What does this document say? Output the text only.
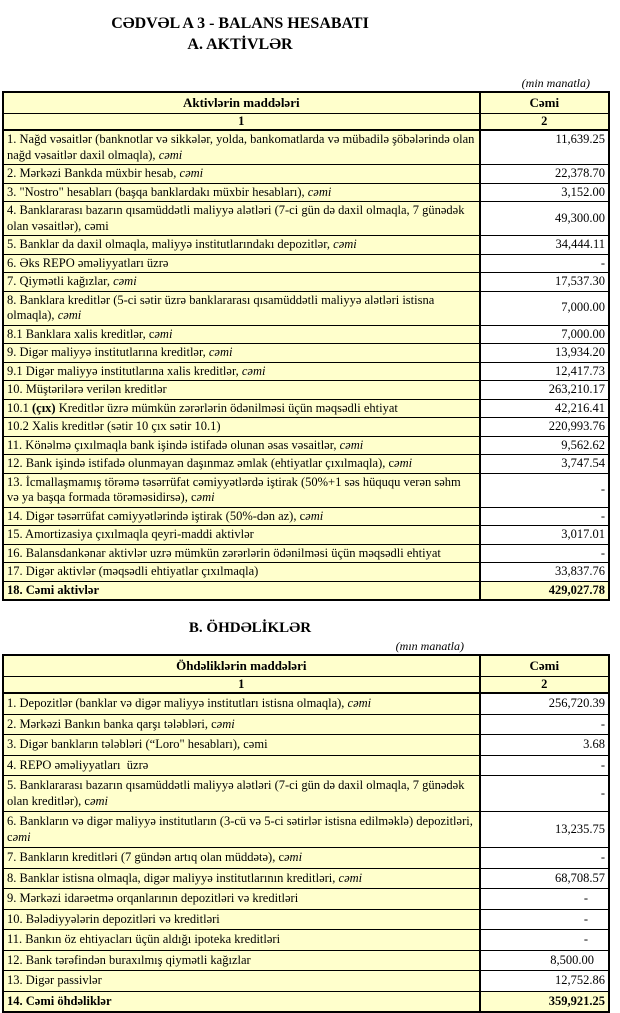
CƏDVƏL A 3 - BALANS HESABATI
A. AKTİVLƏR
(min manatla)
Aktivlərin maddələri	Cəmi
1	2
1. Nağd vəsaitlər (banknotlar və sikkələr, yolda, bankomatlarda və mübadilə şöbələrində olan nağd vəsaitlər daxil olmaqla), cəmi	11,639.25
2. Mərkəzi Bankda müxbir hesab, cəmi	22,378.70
3. "Nostro" hesabları (başqa banklardakı müxbir hesabları), cəmi	3,152.00
4. Banklararası bazarın qısamüddətli maliyyə alətləri (7-ci gün də daxil olmaqla, 7 günədək olan vəsaitlər), cəmi	49,300.00
5. Banklar da daxil olmaqla, maliyyə institutlarındakı depozitlər, cəmi	34,444.11
6. Əks REPO əməliyyatları üzrə	-
7. Qiymətli kağızlar, cəmi	17,537.30
8. Banklara kreditlər (5-ci sətir üzrə banklararası qısamüddətli maliyyə alətləri istisna olmaqla), cəmi	7,000.00
8.1 Banklara xalis kreditlər, cəmi	7,000.00
9. Digər maliyyə institutlarına kreditlər, cəmi	13,934.20
9.1 Digər maliyyə institutlarına xalis kreditlər, cəmi	12,417.73
10. Müştərilərə verilən kreditlər	263,210.17
10.1 (çıx) Kreditlər üzrə mümkün zərərlərin ödənilməsi üçün məqsədli ehtiyat	42,216.41
10.2 Xalis kreditlər (sətir 10 çıx sətir 10.1)	220,993.76
11. Könəlmə çıxılmaqla bank işində istifadə olunan əsas vəsaitlər, cəmi	9,562.62
12. Bank işində istifadə olunmayan daşınmaz əmlak (ehtiyatlar çıxılmaqla), cəmi	3,747.54
13. İcmallaşmamış törəmə təsərrüfat cəmiyyətlərdə iştirak (50%+1 səs hüququ verən səhm və ya başqa formada törəməsidirsə), cəmi	-
14. Digər təsərrüfat cəmiyyətlərində iştirak (50%-dən az), cəmi	-
15. Amortizasiya çıxılmaqla qeyri-maddi aktivlər	3,017.01
16. Balansdankənar aktivlər uzrə mümkün zərərlərin ödənilməsi üçün məqsədli ehtiyat	-
17. Digər aktivlər (məqsədli ehtiyatlar çıxılmaqla)	33,837.76
18. Cəmi aktivlər	429,027.78
B. ÖHDƏLİKLƏR
(mın manatla)
Öhdəliklərin maddələri	Cəmi
1	2
1. Depozitlər (banklar və digər maliyyə institutları istisna olmaqla), cəmi	256,720.39
2. Mərkəzi Bankın banka qarşı tələbləri, cəmi	-
3. Digər bankların tələbləri (“Loro" hesabları), cəmi	3.68
4. REPO əməliyyatları  üzrə	-
5. Banklararası bazarın qısamüddətli maliyyə alətləri (7-ci gün də daxil olmaqla, 7 günədək olan kreditlər), cəmi	-
6. Bankların və digər maliyyə institutların (3-cü və 5-ci sətirlər istisna edilməklə) depozitləri, cəmi	13,235.75
7. Bankların kreditləri (7 gündən artıq olan müddətə), cəmi	-
8. Banklar istisna olmaqla, digər maliyyə institutlarının kreditləri, cəmi	68,708.57
9. Mərkəzi idarəetmə orqanlarının depozitləri və kreditləri	-
10. Bələdiyyələrin depozitləri və kreditləri	-
11. Bankın öz ehtiyacları üçün aldığı ipoteka kreditləri	-
12. Bank tərəfindən buraxılmış qiymətli kağızlar	8,500.00
13. Digər passivlər	12,752.86
14. Cəmi öhdəliklər	359,921.25
